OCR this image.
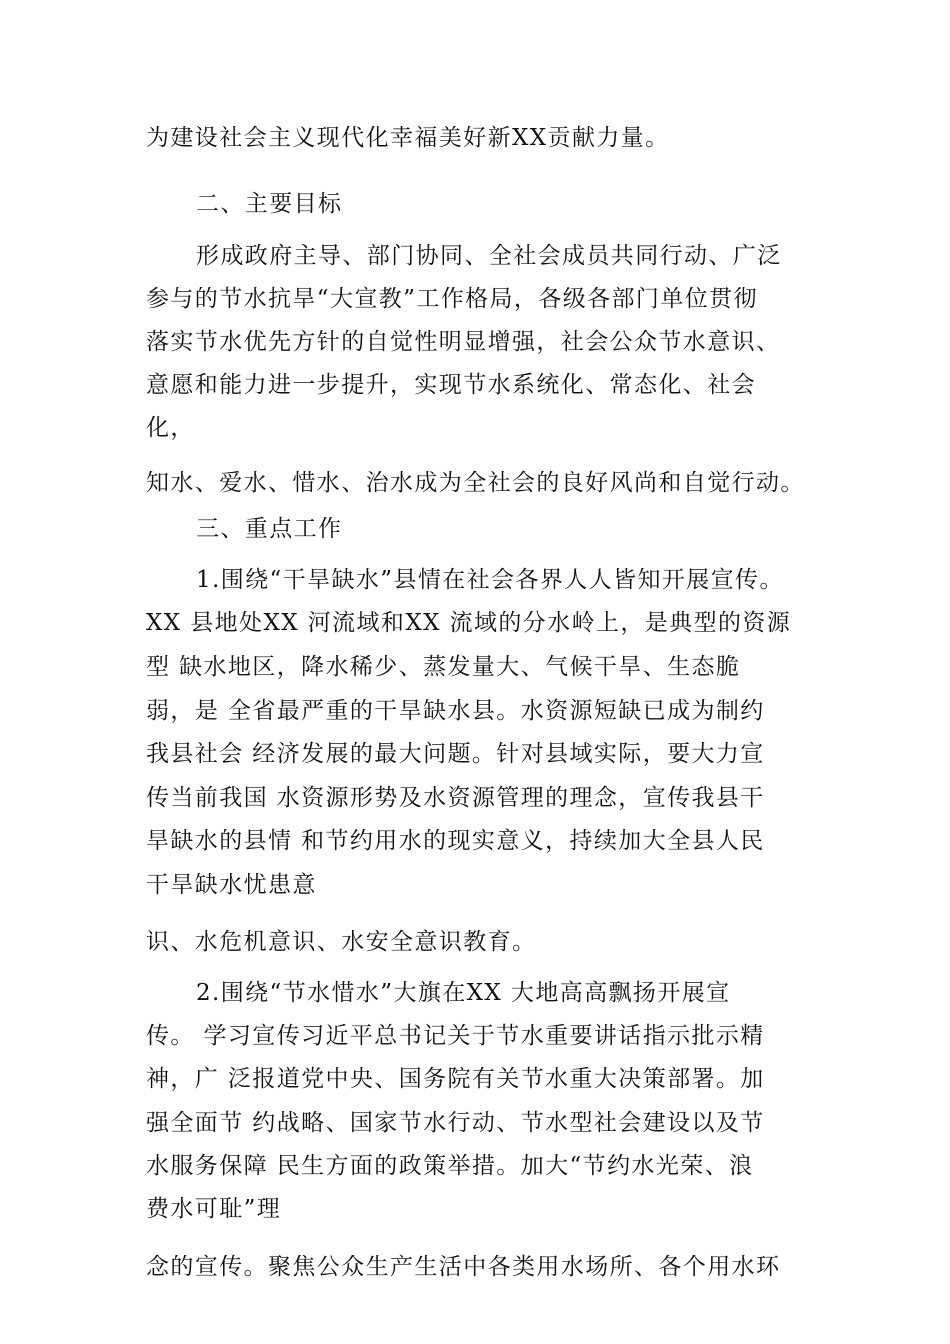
为建设社会主义现代化幸福美好新XX贡献力量。
二、主要目标
形成政府主导、部门协同、全社会成员共同行动、广泛
参与的节水抗旱“大宣教”工作格局，各级各部门单位贯彻
落实节水优先方针的自觉性明显增强，社会公众节水意识、
意愿和能力进一步提升，实现节水系统化、常态化、社会
化，
知水、爱水、惜水、治水成为全社会的良好风尚和自觉行动。
三、重点工作
1.围绕“干旱缺水”县情在社会各界人人皆知开展宣传。
XX 县地处XX 河流域和XX 流域的分水岭上，是典型的资源
型 缺水地区，降水稀少、蒸发量大、气候干旱、生态脆
弱，是 全省最严重的干旱缺水县。水资源短缺已成为制约
我县社会 经济发展的最大问题。针对县域实际，要大力宣
传当前我国 水资源形势及水资源管理的理念，宣传我县干
旱缺水的县情 和节约用水的现实意义，持续加大全县人民
干旱缺水忧患意
识、水危机意识、水安全意识教育。
2.围绕“节水惜水”大旗在XX 大地高高飘扬开展宣
传。 学习宣传习近平总书记关于节水重要讲话指示批示精
神，广 泛报道党中央、国务院有关节水重大决策部署。加
强全面节 约战略、国家节水行动、节水型社会建设以及节
水服务保障 民生方面的政策举措。加大“节约水光荣、浪
费水可耻”理
念的宣传。聚焦公众生产生活中各类用水场所、各个用水环
